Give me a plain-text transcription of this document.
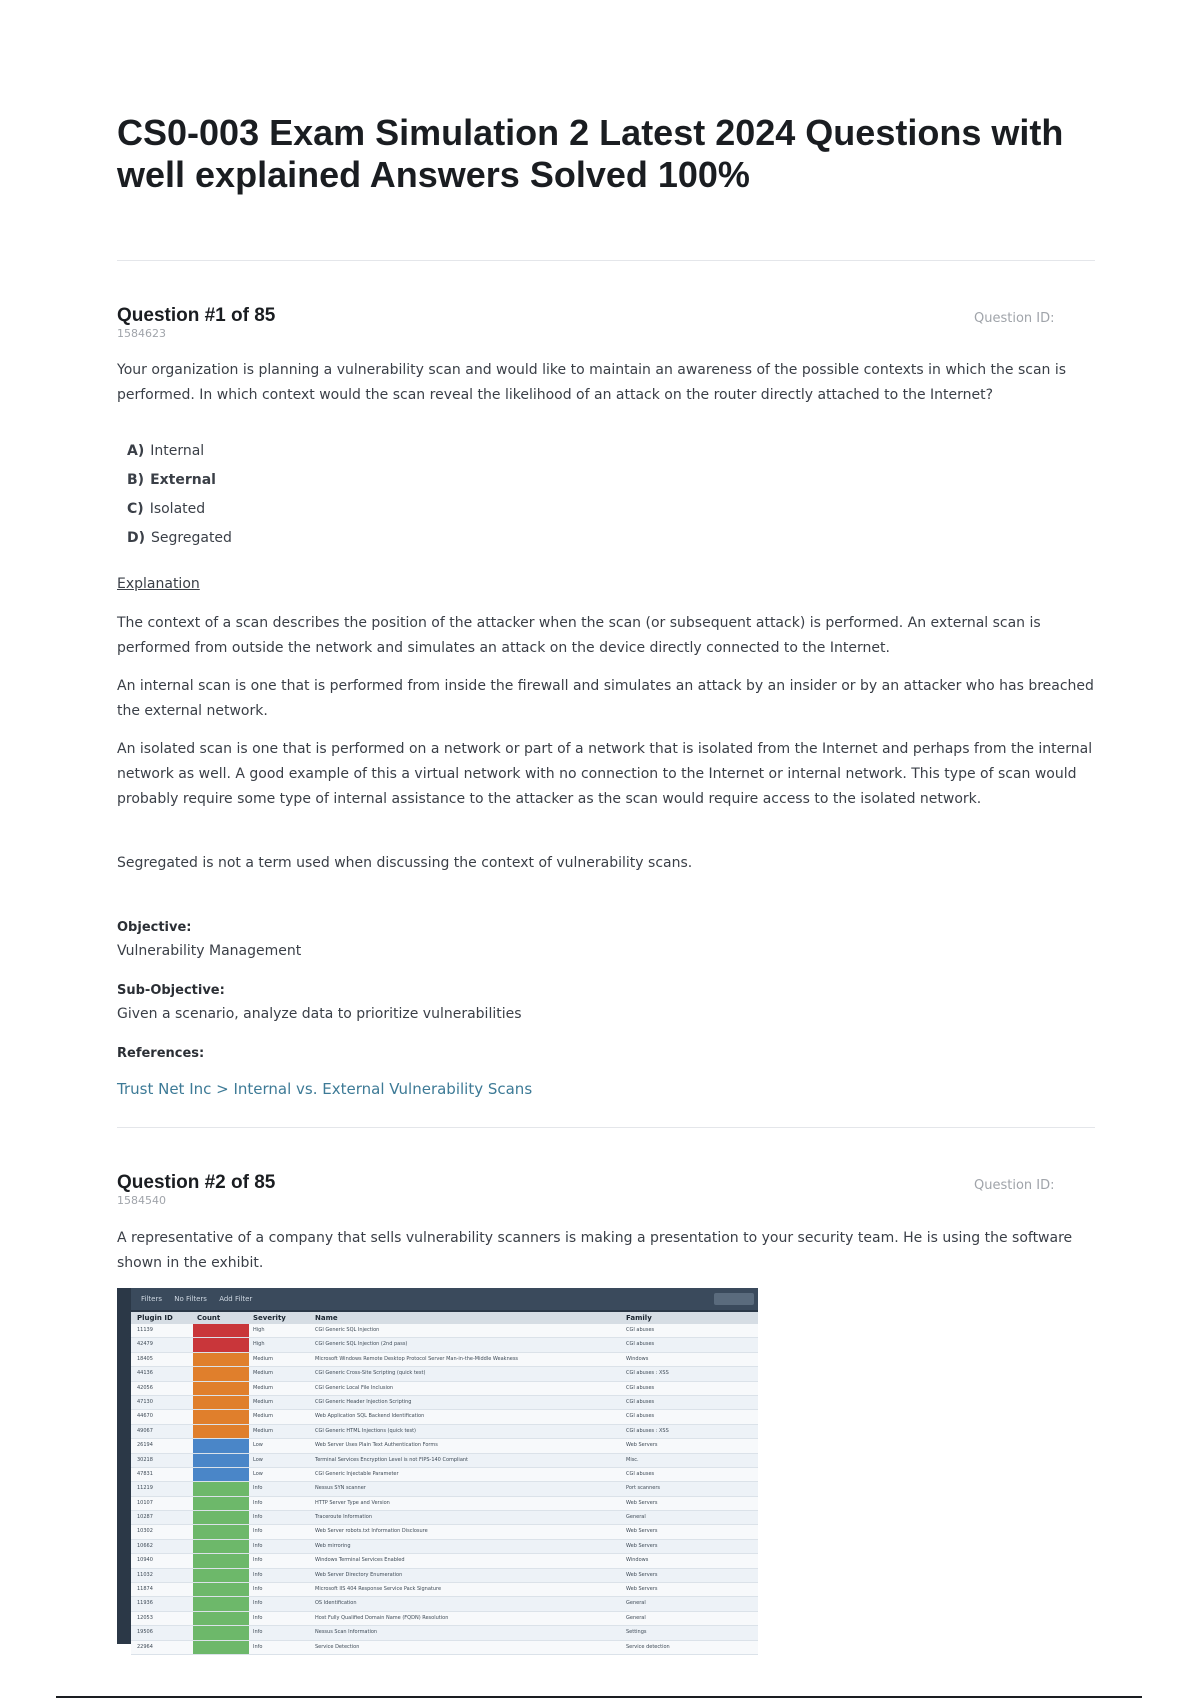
CS0-003 Exam Simulation 2 Latest 2024 Questions with well explained Answers Solved 100%
Question #1 of 85
1584623
Question ID:

Your organization is planning a vulnerability scan and would like to maintain an awareness of the possible contexts in which the scan is performed. In which context would the scan reveal the likelihood of an attack on the router directly attached to the Internet?

A) Internal
B) External
C) Isolated
D) Segregated
Explanation

The context of a scan describes the position of the attacker when the scan (or subsequent attack) is performed. An external scan is performed from outside the network and simulates an attack on the device directly connected to the Internet.

An internal scan is one that is performed from inside the firewall and simulates an attack by an insider or by an attacker who has breached the external network.

An isolated scan is one that is performed on a network or part of a network that is isolated from the Internet and perhaps from the internal network as well. A good example of this a virtual network with no connection to the Internet or internal network. This type of scan would probably require some type of internal assistance to the attacker as the scan would require access to the isolated network.

Segregated is not a term used when discussing the context of vulnerability scans.

Objective:
Vulnerability Management
Sub-Objective:
Given a scenario, analyze data to prioritize vulnerabilities
References:
Trust Net Inc > Internal vs. External Vulnerability Scans
Question #2 of 85
1584540
Question ID:

A representative of a company that sells vulnerability scanners is making a presentation to your security team. He is using the software shown in the exhibit.

Filters No Filters Add Filter
Plugin ID	Count	Severity	Name	Family
11139	High	CGI Generic SQL Injection	CGI abuses
42479	High	CGI Generic SQL Injection (2nd pass)	CGI abuses
18405	Medium	Microsoft Windows Remote Desktop Protocol Server Man-in-the-Middle Weakness	Windows
44136	Medium	CGI Generic Cross-Site Scripting (quick test)	CGI abuses : XSS
42056	Medium	CGI Generic Local File Inclusion	CGI abuses
47130	Medium	CGI Generic Header Injection Scripting	CGI abuses
44670	Medium	Web Application SQL Backend Identification	CGI abuses
49067	Medium	CGI Generic HTML Injections (quick test)	CGI abuses : XSS
26194	Low	Web Server Uses Plain Text Authentication Forms	Web Servers
30218	Low	Terminal Services Encryption Level is not FIPS-140 Compliant	Misc.
47831	Low	CGI Generic Injectable Parameter	CGI abuses
11219	Info	Nessus SYN scanner	Port scanners
10107	Info	HTTP Server Type and Version	Web Servers
10287	Info	Traceroute Information	General
10302	Info	Web Server robots.txt Information Disclosure	Web Servers
10662	Info	Web mirroring	Web Servers
10940	Info	Windows Terminal Services Enabled	Windows
11032	Info	Web Server Directory Enumeration	Web Servers
11874	Info	Microsoft IIS 404 Response Service Pack Signature	Web Servers
11936	Info	OS Identification	General
12053	Info	Host Fully Qualified Domain Name (FQDN) Resolution	General
19506	Info	Nessus Scan Information	Settings
22964	Info	Service Detection	Service detection
